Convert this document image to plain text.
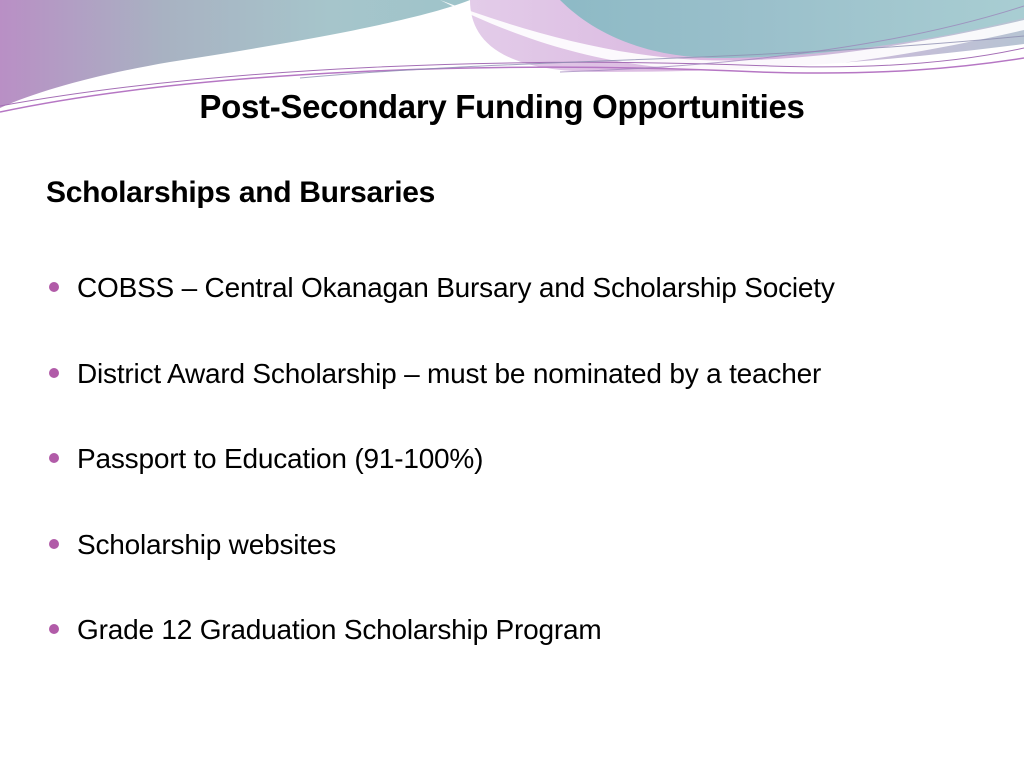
Post-Secondary Funding Opportunities
Scholarships and Bursaries
COBSS – Central Okanagan Bursary and Scholarship Society
District Award Scholarship – must be nominated by a teacher
Passport to Education (91-100%)
Scholarship websites
Grade 12 Graduation Scholarship Program
